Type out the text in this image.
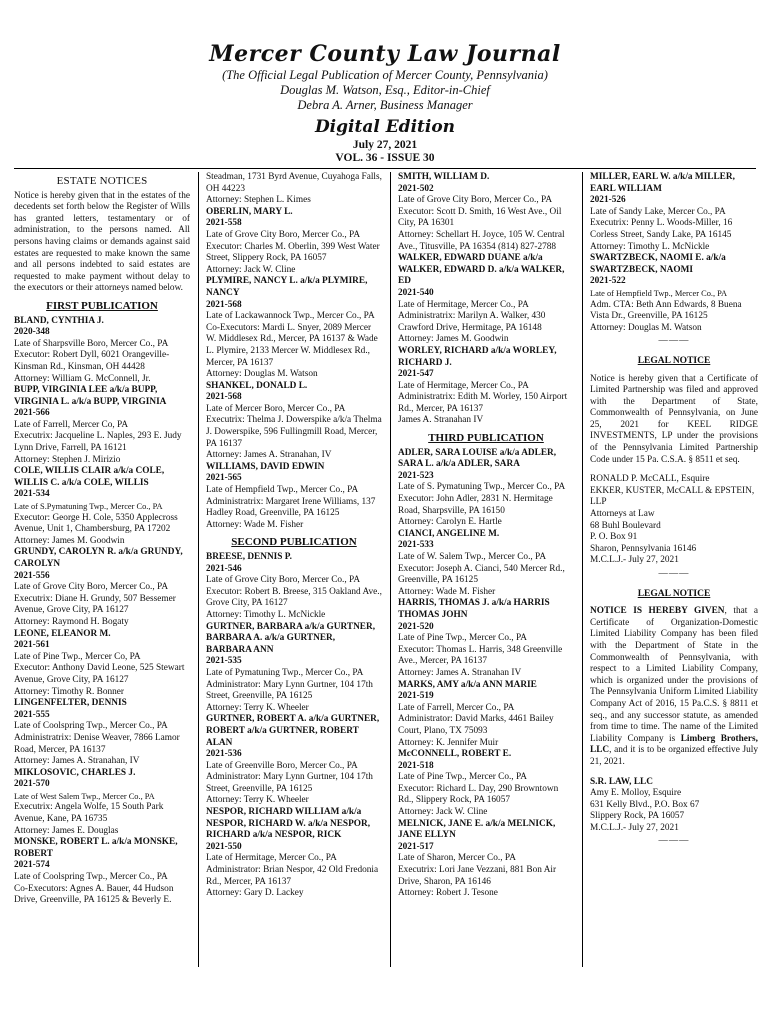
Mercer County Law Journal
(The Official Legal Publication of Mercer County, Pennsylvania)
Douglas M. Watson, Esq., Editor-in-Chief
Debra A. Arner, Business Manager
Digital Edition
July 27, 2021
VOL. 36 - ISSUE 30
ESTATE NOTICES

Notice is hereby given that in the estates of the decedents set forth below the Register of Wills has granted letters, testamentary or of administration, to the persons named. All persons having claims or demands against said estates are requested to make known the same and all persons indebted to said estates are requested to make payment without delay to the executors or their attorneys named below.

FIRST PUBLICATION
BLAND, CYNTHIA J.
2020-348
Late of Sharpsville Boro, Mercer Co., PA
Executor: Robert Dyll, 6021 Orangeville-Kinsman Rd., Kinsman, OH 44428
Attorney: William G. McConnell, Jr.
BUPP, VIRGINIA LEE a/k/a BUPP, VIRGINIA L. a/k/a BUPP, VIRGINIA
2021-566
Late of Farrell, Mercer Co, PA
Executrix: Jacqueline L. Naples, 293 E. Judy Lynn Drive, Farrell, PA 16121
Attorney: Stephen J. Mirizio
COLE, WILLIS CLAIR a/k/a COLE, WILLIS C. a/k/a COLE, WILLIS
2021-534
Late of S.Pymatuning Twp., Mercer Co., PA
Executor: George H. Cole, 5350 Applecross Avenue, Unit 1, Chambersburg, PA 17202
Attorney: James M. Goodwin
GRUNDY, CAROLYN R. a/k/a GRUNDY, CAROLYN
2021-556
Late of Grove City Boro, Mercer Co., PA
Executrix: Diane H. Grundy, 507 Bessemer Avenue, Grove City, PA 16127
Attorney: Raymond H. Bogaty
LEONE, ELEANOR M.
2021-561
Late of Pine Twp., Mercer Co, PA
Executor: Anthony David Leone, 525 Stewart Avenue, Grove City, PA 16127
Attorney: Timothy R. Bonner
LINGENFELTER, DENNIS
2021-555
Late of Coolspring Twp., Mercer Co., PA
Administratrix: Denise Weaver, 7866 Lamor Road, Mercer, PA 16137
Attorney: James A. Stranahan, IV
MIKLOSOVIC, CHARLES J.
2021-570
Late of West Salem Twp., Mercer Co., PA
Executrix: Angela Wolfe, 15 South Park Avenue, Kane, PA 16735
Attorney: James E. Douglas
MONSKE, ROBERT L. a/k/a MONSKE, ROBERT
2021-574
Late of Coolspring Twp., Mercer Co., PA
Co-Executors: Agnes A. Bauer, 44 Hudson Drive, Greenville, PA 16125 & Beverly E.
Steadman, 1731 Byrd Avenue, Cuyahoga Falls, OH 44223
Attorney: Stephen L. Kimes
OBERLIN, MARY L.
2021-558
Late of Grove City Boro, Mercer Co., PA
Executor: Charles M. Oberlin, 399 West Water Street, Slippery Rock, PA 16057
Attorney: Jack W. Cline
PLYMIRE, NANCY L. a/k/a PLYMIRE, NANCY
2021-568
Late of Lackawannock Twp., Mercer Co., PA
Co-Executors: Mardi L. Snyer, 2089 Mercer W. Middlesex Rd., Mercer, PA 16137 & Wade L. Plymire, 2133 Mercer W. Middlesex Rd., Mercer, PA 16137
Attorney: Douglas M. Watson
SHANKEL, DONALD L.
2021-568
Late of Mercer Boro, Mercer Co., PA
Executrix: Thelma J. Dowerspike a/k/a Thelma J. Dowerspike, 596 Fullingmill Road, Mercer, PA 16137
Attorney: James A. Stranahan, IV
WILLIAMS, DAVID EDWIN
2021-565
Late of Hempfield Twp., Mercer Co., PA
Administratrix: Margaret Irene Williams, 137 Hadley Road, Greenville, PA 16125
Attorney: Wade M. Fisher
SECOND PUBLICATION
BREESE, DENNIS P.
2021-546
Late of Grove City Boro, Mercer Co., PA
Executor: Robert B. Breese, 315 Oakland Ave., Grove City, PA 16127
Attorney: Timothy L. McNickle
GURTNER, BARBARA a/k/a GURTNER, BARBARA A. a/k/a GURTNER, BARBARA ANN
2021-535
Late of Pymatuning Twp., Mercer Co., PA
Administrator: Mary Lynn Gurtner, 104 17th Street, Greenville, PA 16125
Attorney: Terry K. Wheeler
GURTNER, ROBERT A. a/k/a GURTNER, ROBERT a/k/a GURTNER, ROBERT ALAN
2021-536
Late of Greenville Boro, Mercer Co., PA
Administrator: Mary Lynn Gurtner, 104 17th Street, Greenville, PA 16125
Attorney: Terry K. Wheeler
NESPOR, RICHARD WILLIAM a/k/a NESPOR, RICHARD W. a/k/a NESPOR, RICHARD a/k/a NESPOR, RICK
2021-550
Late of Hermitage, Mercer Co., PA
Administrator: Brian Nespor, 42 Old Fredonia Rd., Mercer, PA 16137
Attorney: Gary D. Lackey
SMITH, WILLIAM D.
2021-502
Late of Grove City Boro, Mercer Co., PA
Executor: Scott D. Smith, 16 West Ave., Oil City, PA 16301
Attorney: Schellart H. Joyce, 105 W. Central Ave., Titusville, PA 16354 (814) 827-2788
WALKER, EDWARD DUANE a/k/a WALKER, EDWARD D. a/k/a WALKER, ED
2021-540
Late of Hermitage, Mercer Co., PA
Administratrix: Marilyn A. Walker, 430 Crawford Drive, Hermitage, PA 16148
Attorney: James M. Goodwin
WORLEY, RICHARD a/k/a WORLEY, RICHARD J.
2021-547
Late of Hermitage, Mercer Co., PA
Administratrix: Edith M. Worley, 150 Airport Rd., Mercer, PA 16137
James A. Stranahan IV
THIRD PUBLICATION
ADLER, SARA LOUISE a/k/a ADLER, SARA L. a/k/a ADLER, SARA
2021-523
Late of S. Pymatuning Twp., Mercer Co., PA
Executor: John Adler, 2831 N. Hermitage Road, Sharpsville, PA 16150
Attorney: Carolyn E. Hartle
CIANCI, ANGELINE M.
2021-533
Late of W. Salem Twp., Mercer Co., PA
Executor: Joseph A. Cianci, 540 Mercer Rd., Greenville, PA 16125
Attorney: Wade M. Fisher
HARRIS, THOMAS J. a/k/a HARRIS THOMAS JOHN
2021-520
Late of Pine Twp., Mercer Co., PA
Executor: Thomas L. Harris, 348 Greenville Ave., Mercer, PA 16137
Attorney: James A. Stranahan IV
MARKS, AMY a/k/a ANN MARIE
2021-519
Late of Farrell, Mercer Co., PA
Administrator: David Marks, 4461 Bailey Court, Plano, TX 75093
Attorney: K. Jennifer Muir
McCONNELL, ROBERT E.
2021-518
Late of Pine Twp., Mercer Co., PA
Executor: Richard L. Day, 290 Browntown Rd., Slippery Rock, PA 16057
Attorney: Jack W. Cline
MELNICK, JANE E. a/k/a MELNICK, JANE ELLYN
2021-517
Late of Sharon, Mercer Co., PA
Executrix: Lori Jane Vezzani, 881 Bon Air Drive, Sharon, PA 16146
Attorney: Robert J. Tesone
MILLER, EARL W. a/k/a MILLER, EARL WILLIAM
2021-526
Late of Sandy Lake, Mercer Co., PA
Executrix: Penny L. Woods-Miller, 16 Corless Street, Sandy Lake, PA 16145
Attorney: Timothy L. McNickle
SWARTZBECK, NAOMI E. a/k/a SWARTZBECK, NAOMI
2021-522
Late of Hempfield Twp., Mercer Co., PA
Adm. CTA: Beth Ann Edwards, 8 Buena Vista Dr., Greenville, PA 16125
Attorney: Douglas M. Watson
———
LEGAL NOTICE

Notice is hereby given that a Certificate of Limited Partnership was filed and approved with the Department of State, Commonwealth of Pennsylvania, on June 25, 2021 for KEEL RIDGE INVESTMENTS, LP under the provisions of the Pennsylvania Limited Partnership Code under 15 Pa. C.S.A. § 8511 et seq.

RONALD P. McCALL, Esquire
EKKER, KUSTER, McCALL & EPSTEIN, LLP
Attorneys at Law
68 Buhl Boulevard
P. O. Box 91
Sharon, Pennsylvania 16146
M.C.L.J.- July 27, 2021
———
LEGAL NOTICE

NOTICE IS HEREBY GIVEN, that a Certificate of Organization-Domestic Limited Liability Company has been filed with the Department of State in the Commonwealth of Pennsylvania, with respect to a Limited Liability Company, which is organized under the provisions of The Pennsylvania Uniform Limited Liability Company Act of 2016, 15 Pa.C.S. § 8811 et seq., and any successor statute, as amended from time to time. The name of the Limited Liability Company is Limberg Brothers, LLC, and it is to be organized effective July 21, 2021.

S.R. LAW, LLC
Amy E. Molloy, Esquire
631 Kelly Blvd., P.O. Box 67
Slippery Rock, PA 16057
M.C.L.J.- July 27, 2021
———
